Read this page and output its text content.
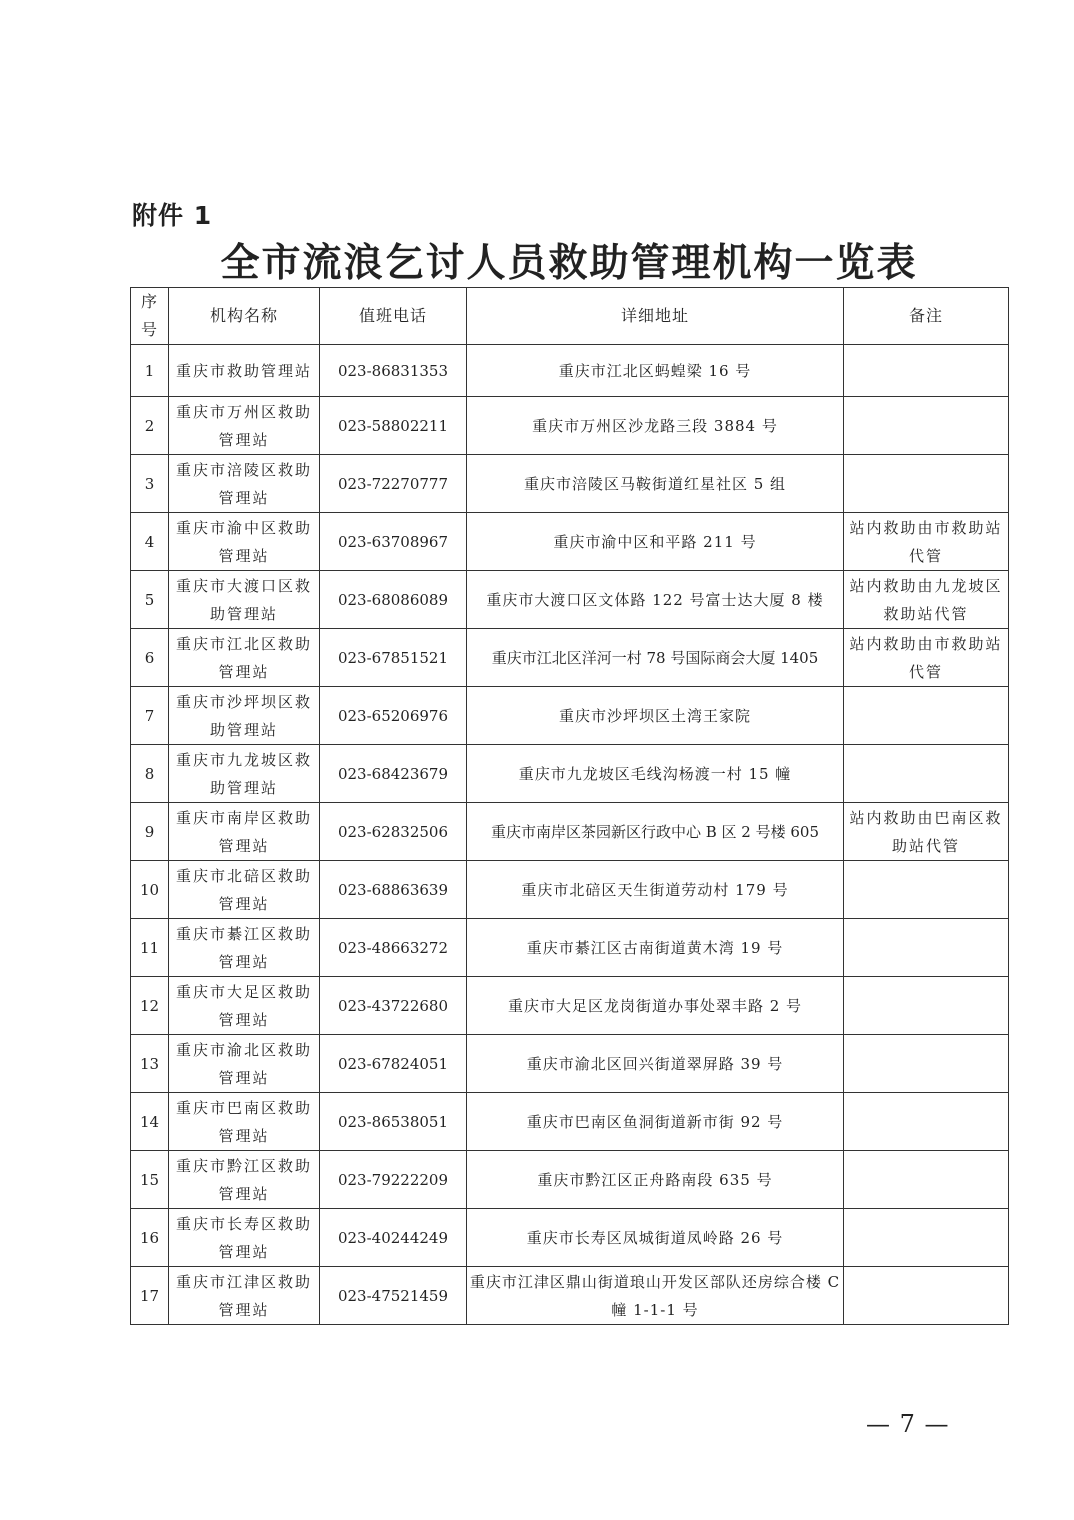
附件 1
全市流浪乞讨人员救助管理机构一览表
序号	机构名称	值班电话	详细地址	备注
1	重庆市救助管理站	023-86831353	重庆市江北区蚂蝗梁 16 号	
2	重庆市万州区救助管理站	023-58802211	重庆市万州区沙龙路三段 3884 号	
3	重庆市涪陵区救助管理站	023-72270777	重庆市涪陵区马鞍街道红星社区 5 组	
4	重庆市渝中区救助管理站	023-63708967	重庆市渝中区和平路 211 号	站内救助由市救助站代管
5	重庆市大渡口区救助管理站	023-68086089	重庆市大渡口区文体路 122 号富士达大厦 8 楼	站内救助由九龙坡区救助站代管
6	重庆市江北区救助管理站	023-67851521	重庆市江北区洋河一村 78 号国际商会大厦 1405	站内救助由市救助站代管
7	重庆市沙坪坝区救助管理站	023-65206976	重庆市沙坪坝区土湾王家院	
8	重庆市九龙坡区救助管理站	023-68423679	重庆市九龙坡区毛线沟杨渡一村 15 幢	
9	重庆市南岸区救助管理站	023-62832506	重庆市南岸区茶园新区行政中心 B 区 2 号楼 605	站内救助由巴南区救助站代管
10	重庆市北碚区救助管理站	023-68863639	重庆市北碚区天生街道劳动村 179 号	
11	重庆市綦江区救助管理站	023-48663272	重庆市綦江区古南街道黄木湾 19 号	
12	重庆市大足区救助管理站	023-43722680	重庆市大足区龙岗街道办事处翠丰路 2 号	
13	重庆市渝北区救助管理站	023-67824051	重庆市渝北区回兴街道翠屏路 39 号	
14	重庆市巴南区救助管理站	023-86538051	重庆市巴南区鱼洞街道新市街 92 号	
15	重庆市黔江区救助管理站	023-79222209	重庆市黔江区正舟路南段 635 号	
16	重庆市长寿区救助管理站	023-40244249	重庆市长寿区凤城街道凤岭路 26 号	
17	重庆市江津区救助管理站	023-47521459	重庆市江津区鼎山街道琅山开发区部队还房综合楼 C 幢 1-1-1 号	
— 7 —
